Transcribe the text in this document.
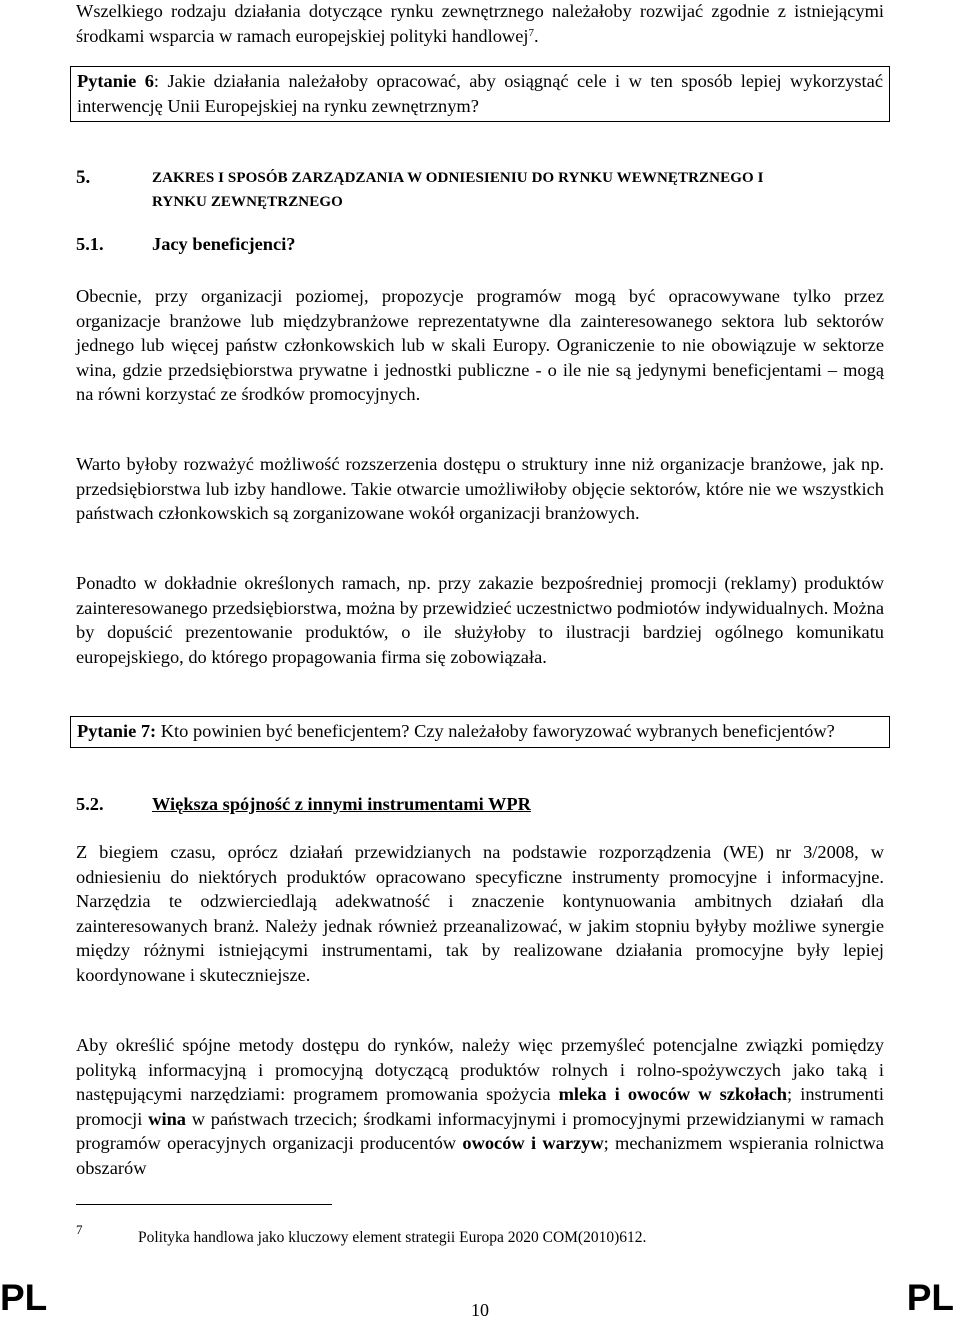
Wszelkiego rodzaju działania dotyczące rynku zewnętrznego należałoby rozwijać zgodnie z istniejącymi środkami wsparcia w ramach europejskiej polityki handlowej$^7$.

Pytanie 6: Jakie działania należałoby opracować, aby osiągnąć cele i w ten sposób lepiej wykorzystać interwencję Unii Europejskiej na rynku zewnętrznym?

5.	ZAKRES I SPOSÓB ZARZĄDZANIA W ODNIESIENIU DO RYNKU WEWNĘTRZNEGO I
RYNKU ZEWNĘTRZNEGO
5.1.	Jacy beneficjenci?

Obecnie, przy organizacji poziomej, propozycje programów mogą być opracowywane tylko przez organizacje branżowe lub międzybranżowe reprezentatywne dla zainteresowanego sektora lub sektorów jednego lub więcej państw członkowskich lub w skali Europy. Ograniczenie to nie obowiązuje w sektorze wina, gdzie przedsiębiorstwa prywatne i jednostki publiczne - o ile nie są jedynymi beneficjentami – mogą na równi korzystać ze środków promocyjnych.

Warto byłoby rozważyć możliwość rozszerzenia dostępu o struktury inne niż organizacje branżowe, jak np. przedsiębiorstwa lub izby handlowe. Takie otwarcie umożliwiłoby objęcie sektorów, które nie we wszystkich państwach członkowskich są zorganizowane wokół organizacji branżowych.

Ponadto w dokładnie określonych ramach, np. przy zakazie bezpośredniej promocji (reklamy) produktów zainteresowanego przedsiębiorstwa, można by przewidzieć uczestnictwo podmiotów indywidualnych. Można by dopuścić prezentowanie produktów, o ile służyłoby to ilustracji bardziej ogólnego komunikatu europejskiego, do którego propagowania firma się zobowiązała.

Pytanie 7: Kto powinien być beneficjentem? Czy należałoby faworyzować wybranych beneficjentów?

5.2.	Większa spójność z innymi instrumentami WPR

Z biegiem czasu, oprócz działań przewidzianych na podstawie rozporządzenia (WE) nr 3/2008, w odniesieniu do niektórych produktów opracowano specyficzne instrumenty promocyjne i informacyjne. Narzędzia te odzwierciedlają adekwatność i znaczenie kontynuowania ambitnych działań dla zainteresowanych branż. Należy jednak również przeanalizować, w jakim stopniu byłyby możliwe synergie między różnymi istniejącymi instrumentami, tak by realizowane działania promocyjne były lepiej koordynowane i skuteczniejsze.

Aby określić spójne metody dostępu do rynków, należy więc przemyśleć potencjalne związki pomiędzy polityką informacyjną i promocyjną dotyczącą produktów rolnych i rolno-spożywczych jako taką i następującymi narzędziami: programem promowania spożycia mleka i owoców w szkołach; instrumenti promocji wina w państwach trzecich; środkami informacyjnymi i promocyjnymi przewidzianymi w ramach programów operacyjnych organizacji producentów owoców i warzyw; mechanizmem wspierania rolnictwa obszarów

7	Polityka handlowa jako kluczowy element strategii Europa 2020 COM(2010)612.
PL	10	PL
